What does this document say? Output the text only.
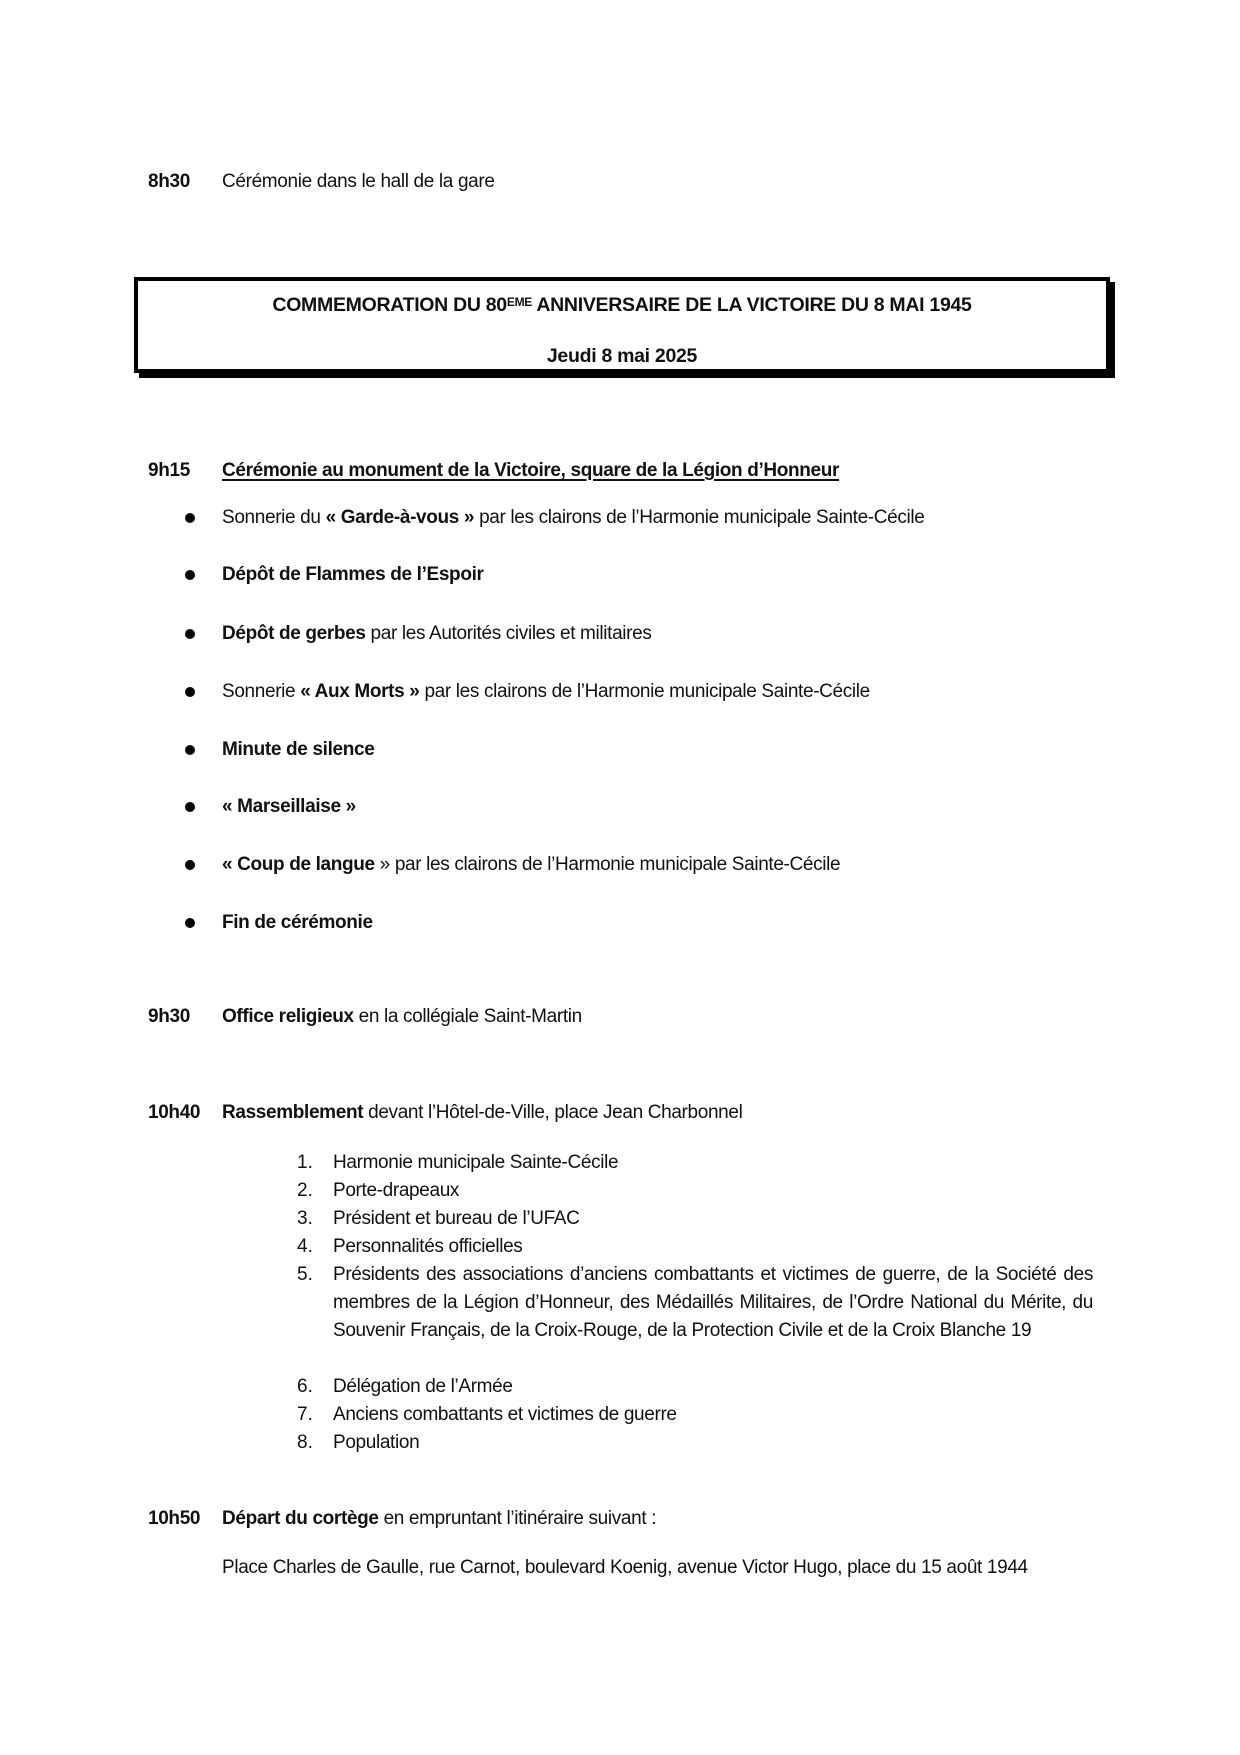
8h30 Cérémonie dans le hall de la gare
COMMEMORATION DU 80EME ANNIVERSAIRE DE LA VICTOIRE DU 8 MAI 1945
Jeudi 8 mai 2025
9h15 Cérémonie au monument de la Victoire, square de la Légion d’Honneur
Sonnerie du « Garde-à-vous » par les clairons de l’Harmonie municipale Sainte-Cécile
Dépôt de Flammes de l’Espoir
Dépôt de gerbes par les Autorités civiles et militaires
Sonnerie « Aux Morts » par les clairons de l’Harmonie municipale Sainte-Cécile
Minute de silence
« Marseillaise »
« Coup de langue » par les clairons de l’Harmonie municipale Sainte-Cécile
Fin de cérémonie
9h30 Office religieux en la collégiale Saint-Martin
10h40 Rassemblement devant l’Hôtel-de-Ville, place Jean Charbonnel
1. Harmonie municipale Sainte-Cécile
2. Porte-drapeaux
3. Président et bureau de l’UFAC
4. Personnalités officielles
5. Présidents des associations d’anciens combattants et victimes de guerre, de la Société des membres de la Légion d’Honneur, des Médaillés Militaires, de l’Ordre National du Mérite, du Souvenir Français, de la Croix-Rouge, de la Protection Civile et de la Croix Blanche 19
6. Délégation de l’Armée
7. Anciens combattants et victimes de guerre
8. Population
10h50 Départ du cortège en empruntant l’itinéraire suivant :
Place Charles de Gaulle, rue Carnot, boulevard Koenig, avenue Victor Hugo, place du 15 août 1944
